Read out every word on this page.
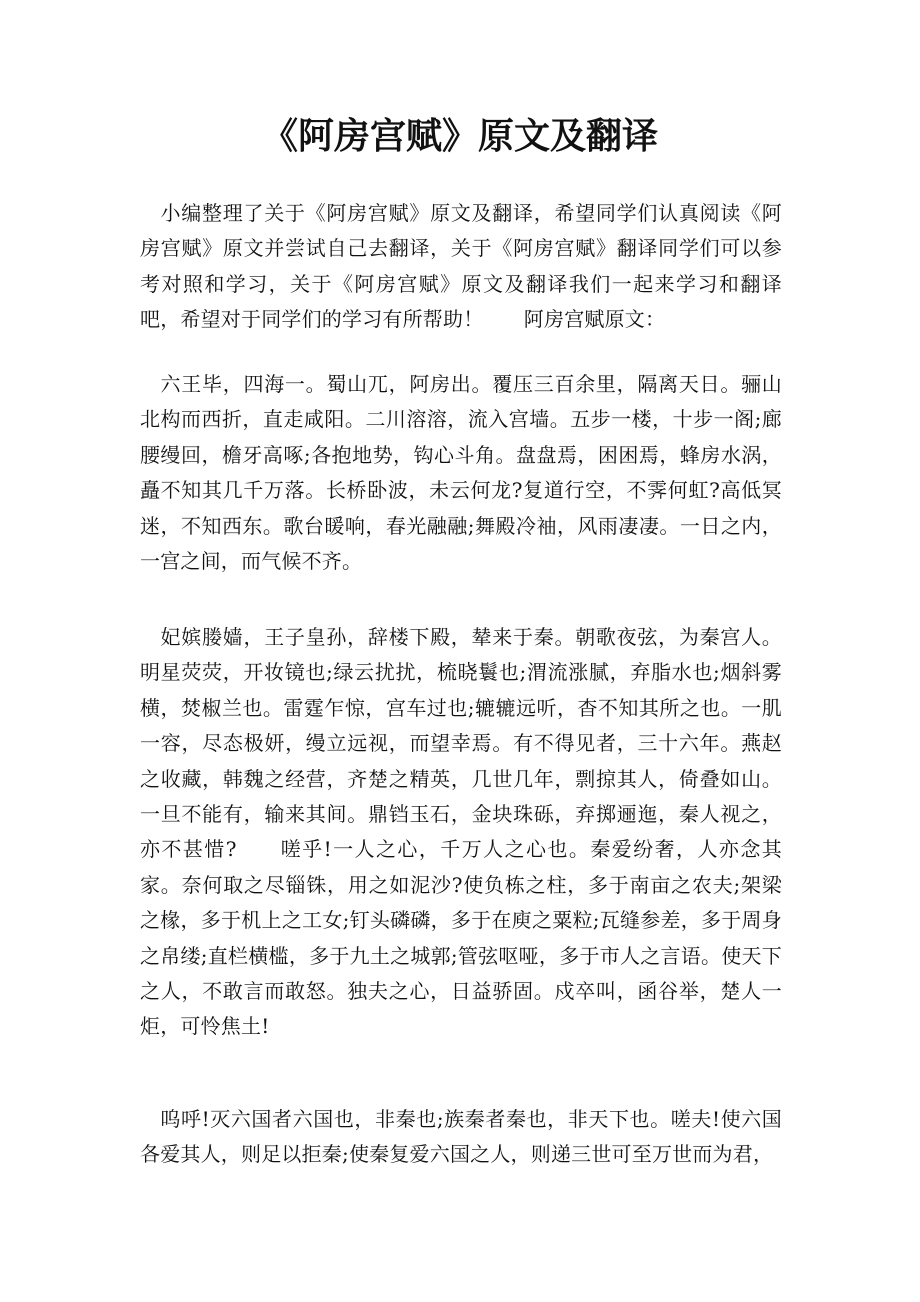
《阿房宫赋》原文及翻译

小编整理了关于《阿房宫赋》原文及翻译，希望同学们认真阅读《阿房宫赋》原文并尝试自己去翻译，关于《阿房宫赋》翻译同学们可以参考对照和学习，关于《阿房宫赋》原文及翻译我们一起来学习和翻译吧，希望对于同学们的学习有所帮助！　　阿房宫赋原文：

六王毕，四海一。蜀山兀，阿房出。覆压三百余里，隔离天日。骊山北构而西折，直走咸阳。二川溶溶，流入宫墙。五步一楼，十步一阁;廊腰缦回，檐牙高啄;各抱地势，钩心斗角。盘盘焉，困困焉，蜂房水涡，矗不知其几千万落。长桥卧波，未云何龙?复道行空，不霁何虹?高低冥迷，不知西东。歌台暖响，春光融融;舞殿冷袖，风雨凄凄。一日之内，一宫之间，而气候不齐。

妃嫔媵嫱，王子皇孙，辞楼下殿，辇来于秦。朝歌夜弦，为秦宫人。明星荧荧，开妆镜也;绿云扰扰，梳晓鬟也;渭流涨腻，弃脂水也;烟斜雾横，焚椒兰也。雷霆乍惊，宫车过也;辘辘远听，杳不知其所之也。一肌一容，尽态极妍，缦立远视，而望幸焉。有不得见者，三十六年。燕赵之收藏，韩魏之经营，齐楚之精英，几世几年，剽掠其人，倚叠如山。一旦不能有，输来其间。鼎铛玉石，金块珠砾，弃掷逦迤，秦人视之，亦不甚惜?　　嗟乎!一人之心，千万人之心也。秦爱纷奢，人亦念其家。奈何取之尽锱铢，用之如泥沙?使负栋之柱，多于南亩之农夫;架梁之椽，多于机上之工女;钉头磷磷，多于在庾之粟粒;瓦缝参差，多于周身之帛缕;直栏横槛，多于九土之城郭;管弦呕哑，多于市人之言语。使天下之人，不敢言而敢怒。独夫之心，日益骄固。戍卒叫，函谷举，楚人一炬，可怜焦土!

呜呼!灭六国者六国也，非秦也;族秦者秦也，非天下也。嗟夫!使六国各爱其人，则足以拒秦;使秦复爱六国之人，则递三世可至万世而为君，
